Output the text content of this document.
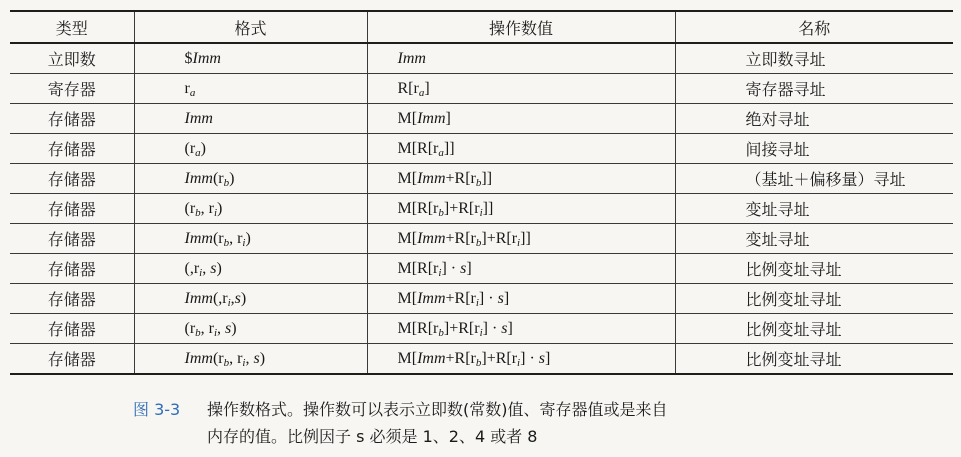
类型	格式	操作数值	名称
立即数	$Imm	Imm	立即数寻址
寄存器	$r_a$	$R[r_a]$	寄存器寻址
存储器	Imm	M[Imm]	绝对寻址
存储器	$(r_a)$	$M[R[r_a]]$	间接寻址
存储器	$Imm(r_b)$	$M[Imm+R[r_b]]$	（基址＋偏移量）寻址
存储器	($r_b$, $r_i$)	$M[R[r_b]+R[r_i]]$	变址寻址
存储器	$Imm(r_b$, $r_i$)	$M[Imm+R[r_b]+R[r_i]]$	变址寻址
存储器	($,r_i$, s)	$M[R[r_i] \cdot s]$	比例变址寻址
存储器	$Imm(,r_i,s)$	$M[Imm+R[r_i] \cdot s]$	比例变址寻址
存储器	($r_b$, $r_i$, s)	$M[R[r_b]+R[r_i] \cdot s]$	比例变址寻址
存储器	$Imm(r_b$, $r_i$, s)	$M[Imm+R[r_b]+R[r_i] \cdot s]$	比例变址寻址
图 3-3 操作数格式。操作数可以表示立即数(常数)值、寄存器值或是来自
内存的值。比例因子 s 必须是 1、2、4 或者 8
